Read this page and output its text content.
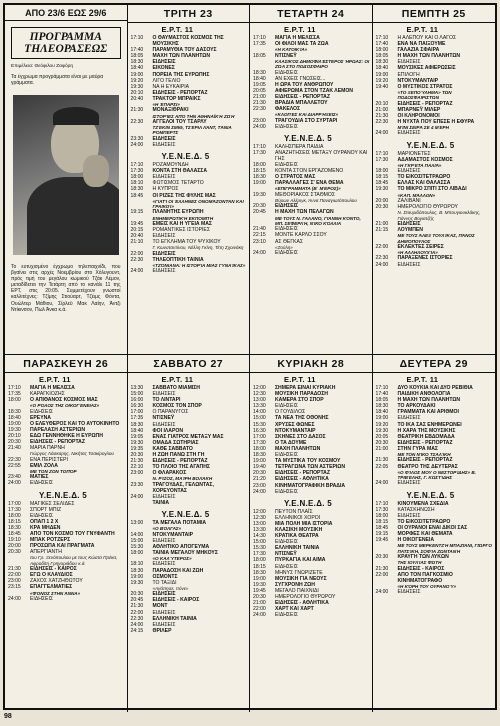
ΑΠΟ 23/6 ΕΩΣ 29/6
ΠΡΟΓΡΑΜΜΑ ΤΗΛΕΟΡΑΣΕΩΣ
Επιμέλεια: Θεόφιλου Ζαφόρη
Τα έγχρωμα προγράμματα είναι με μαύρα γράμματα.
Το ευτυχισμένο έγχρωμο τηλεπαιχνίδι, που βγαίνει στις αρχές Νοεμβρίου στο Χόλυγουντ, πρός τιμή του μεγάλου κωμικού Τζάκ Λέμον, μεταδίδεται την Τετάρτη από το κανάλι 11 της ΕΡΤ, στις 20:05. Συμμετέχουν γνωστοί καλλιτέχνες: Τζίμης Στιούαρτ, Τζέιμς Φόντα, Ουώλτερ Μάθιου, Σίρλεϋ Μακ Λαίην, Άντζι Ντίκινσον, Πωλ Άνκα κ.ά.
ΤΡΙΤΗ 23
Ε.Ρ.Τ. 11
17:10	Ο ΘΑΥΜΑΣΤΟΣ ΚΟΣΜΟΣ ΤΗΣ ΜΟΥΣΙΚΗΣ
17:40	ΠΑΡΑΜΥΘΙΑ ΤΟΥ ΔΑΣΟΥΣ
18:05	ΜΑΧΗ ΤΩΝ ΠΛΑΝΗΤΩΝ
18:30	ΕΙΔΗΣΕΙΣ
18:40	ΕΙΚΟΝΕΣ
19:00	ΠΟΡΕΙΑ ΤΗΣ ΕΥΡΩΠΗΣ
19:20	ΛΙΓΟ ΓΕΛΙΟ
19:30	ΝΑ Η ΕΥΚΑΙΡΙΑ
20:10	ΕΙΔΗΣΕΙΣ - ΡΕΠΟΡΤΑΖ
20:40	ΤΡΑΚΤΟΡ ΜΠΡΑΙΚΣ
«Η ΈΠΑΡΣΙ»
21:30	ΜΟΝΑΞΙΘΡΑΚΙ
ΙΣΤΟΡΊΕΣ ΑΠΌ ΤΗΝ ΑΘΗΝΑΪΚΉ ΖΩΉ
22:30	ΑΓΓΕΛΟΙ ΤΟΥ ΤΣΑΡΛΥ
ΤΖΈΚΙΝ ΣΜΙΘ, ΤΣΈΡΙΛ ΛΆΝΤ, ΤΆΝΙΑ ΡΌΜΠΕΡΤΣ
23:30	ΕΙΔΗΣΕΙΣ
24:00	ΕΙΔΗΣΕΙΣ
Υ.Ε.Ν.Ε.Δ. 5
17:10	ΡΟΖΑΜΟΥΝΔΗ
17:30	ΚΟΝΤΑ ΣΤΗ ΘΑΛΑΣΣΑ
18:00	ΕΙΔΗΣΕΙΣ
18:10	ΦΩΤΙΣΜΟΣ ΤΕΤΑΡΤΟ
18:30	Η ΚΥΠΡΟΣ
18:45	ΟΙ ΡΙΖΕΣ ΤΗΣ ΦΥΛΗΣ ΜΑΣ
«ΓΙΑΤΊ ΟΙ ΈΛΛΗΝΕΣ ΟΝΟΜΆΖΟΝΤΑΝ ΚΑΙ ΓΡΑΙΚΟΊ»
19:15	ΠΛΑΝΗΤΗΣ ΕΥΡΩΠΗ
ΕΝΗΜΕΡΩΤΙΚΉ ΕΚΠΟΜΠΉ
19:45	ΕΜΕΙΣ ΚΑΙ Η ΥΓΕΙΑ ΜΑΣ
20:15	ΡΟΜΑΝΤΙΚΕΣ ΙΣΤΟΡΙΕΣ
20:40	ΕΙΔΗΣΕΙΣ
21:10	ΤΟ ΕΓΚΛΗΜΑ ΤΟΥ ΨΥΧΙΚΟΥ
Γ. Κωνσταντίνου, Νέλλη Γκίνη, Τέτη Σχοινάκη
22:00	ΕΙΔΗΣΕΙΣ
22:30	ΤΗΛΕΟΠΤΙΚΗ ΤΑΙΝΙΑ
«ΤΖΌΝΙΑΝΑ: Η ΙΣΤΟΡΊΑ ΜΙΑΣ ΓΥΝΑΊΚΑΣ»
24:00	ΕΙΔΗΣΕΙΣ
ΤΕΤΑΡΤΗ 24
Ε.Ρ.Τ. 11
17:10	ΜΑΓΙΑ Η ΜΕΛΙΣΣΑ
17:35	ΟΙ ΦΙΛΟΙ ΜΑΣ ΤΑ ΖΩΑ
«Η ΚΑΤΟΙΚΊΑ»
18:05	ΝΤΙΣΝΕΫ
ΚΛΑΣΙΚΌΣ ΔΗΜΟΦΙΛΈΣΤΕΡΟΣ ΉΡΩΑΣ: ΟΙ ΖΏΑ ΣΤΟ ΠΟΔΌΣΦΑΙΡΟ
18:30	ΕΙΔΗΣΕΙΣ
18:40	ΑΝ ΕΧΕΙΣ ΓΝΩΣΕΙΣ...
19:05	Η ΩΡΑ ΤΟΥ ΑΝΘΡΩΠΟΥ
20:05	ΑΦΙΕΡΩΜΑ ΣΤΟΝ ΤΖΑΚ ΛΕΜΟΝ
21:00	ΕΙΔΗΣΕΙΣ - ΡΕΠΟΡΤΑΖ
21:30	ΒΡΑΔΙΑ ΜΠΑΛΛΕΤΟΥ
22:30	ΦΑΚΕΛΟΣ
«ΚΛΟΠΈΣ ΚΑΙ ΔΙΑΡΡΉΞΕΙΣ»
23:00	ΤΡΑΓΟΥΔΙΑ ΣΤΟ ΣΥΡΤΑΡΙ
24:00	ΕΙΔΗΣΕΙΣ
Υ.Ε.Ν.Ε.Δ. 5
17:10	ΚΑΛΗΣΠΕΡΑ ΠΑΙΔΙΑ
17:30	ΑΝΑΖΗΤΗΣΕΙΣ ΜΕΤΑΞΥ ΟΥΡΑΝΟΥ ΚΑΙ ΓΗΣ
18:00	ΕΙΔΗΣΕΙΣ
18:15	ΚΟΝΤΑ ΣΤΟΝ ΕΡΓΑΖΟΜΕΝΟ
18:30	Ο ΣΤΡΑΤΟΣ ΜΑΣ
19:00	ΠΑΡΑΛΛΑΓΕΣ Σ' ΕΝΑ ΘΕΜΑ
«ΕΠΙΓΡΆΜΜΑΤΑ (Β΄ ΜΈΡΟΣ)»
19:30	ΜΕΘΟΡΙΑΚΟΣ ΣΤΑΘΜΟΣ
Βύρων Αλέριγκ, Άννα Παναγιωτόπουλου
20:30	ΕΙΔΗΣΕΙΣ
20:45	Η ΜΑΧΗ ΤΩΝ ΠΕΛΑΓΩΝ
ΜΕ ΤΟΥΣ Ν. ΓΑΛΑΝΌ, ΓΙΆΝΝΗ ΚΌΝΤΟ, ΜΠ. ΣΕΦΕΡΛΉ, ΝΊΚΟ ΚΌΛΛΙΑ
21:40	ΕΙΔΗΣΕΙΣ
22:15	ΜΟΝΤΕ ΚΑΡΛΟ ΣΣΟΥ
23:10	ΑΣ ΘΕΓΚΑΣ
«Ζούλη»
24:00	ΕΙΔΗΣΕΙΣ
ΠΕΜΠΤΗ 25
Ε.Ρ.Τ. 11
17:10	Η ΑΛΕΠΟΥ ΚΑΙ Ο ΛΑΓΟΣ
17:40	ΕΝΑ ΝΑ ΠΑΙΞΟΥΜΕ
18:00	ΓΑΛΑΖΙΑ ΣΦΑΙΡΑ
18:05	Η ΜΑΧΗ ΤΩΝ ΠΛΑΝΗΤΩΝ
18:30	ΕΙΔΗΣΕΙΣ
18:40	ΜΟΥΣΙΚΕΣ ΑΦΙΕΡΩΣΕΙΣ
19:00	ΕΠΙΛΟΓΗ
19:20	ΝΤΟΚΥΜΑΝΤΑΙΡ
19:40	Ο ΜΥΣΤΙΚΟΣ ΣΤΡΑΤΟΣ
«ΤΟ ΞΕΠΟΎΛΗΜΑ» ΤΩΝ ΠΟΔΟΣΦΑΙΡΙΣΤΏΝ
20:10	ΕΙΔΗΣΕΙΣ - ΡΕΠΟΡΤΑΖ
21:00	ΜΠΑΡΝΕΫ ΜΙΛΕΡ
21:30	ΟΙ ΚΛΗΡΟΝΟΜΟΙ
22:30	Η ΝΥΧΤΑ ΠΟΥ ΕΠΕΣΕ Η ΕΦΥΡΑ
ΜΊΝΙ ΣΕΙΡΆ ΣΕ 4 ΜΈΡΗ
24:00	ΕΙΔΗΣΕΙΣ
Υ.Ε.Ν.Ε.Δ. 5
17:10	ΜΑΡΙΟΝΕΤΕΣ
17:30	ΑΔΑΜΑΣΤΟΣ ΚΟΣΜΟΣ
«Η ΓΚΡΈΤΑ ΠΑΛΙΆ»
18:00	ΕΙΔΗΣΕΙΣ
18:15	ΤΟ ΕΙΚΟΣΙΤΕΤΡΑΩΡΟ
18:45	ΕΛΛΑΣ ΚΑΙ ΘΑΛΑΣΣΑ
19:30	ΤΟ ΜΙΚΡΟ ΣΠΙΤΙ ΣΤΟ ΛΙΒΑΔΙ
«ΚΑΠ. ΜΆΛΛΟΝ»
20:00	ΖΑΛΙΒΑΝΙ
20:30	ΗΜΕΡΟΛΟΓΙΟ ΘΥΡΩΡΟΥ
Ν. Σταυριδόπουλος, Β. Μπουγιουκλάκης, Γιάννης Βογιατζής
21:00	ΕΙΔΗΣΕΙΣ
21:15	ΛΟΥΜΠΕΝ
ΜΕ ΤΟΥΣ ΆΛΕΞ ΤΟΥΛΊΚΑΣ, ΠΆΝΟΣ ΔΗΜΌΠΟΥΛΟΣ
22:00	ΕΚΛΕΚΤΕΣ ΣΕΙΡΕΣ
«Η ΑΛΛΗΛΟΥΧΊΑ»
22:30	ΠΑΡΑΞΕΝΕΣ ΙΣΤΟΡΙΕΣ
24:00	ΕΙΔΗΣΕΙΣ
ΠΑΡΑΣΚΕΥΗ 26
Ε.Ρ.Τ. 11
17:10	ΜΑΓΙΑ Η ΜΕΛΙΣΣΑ
17:35	ΚΑΡΑΓΚΙΟΖΗΣ
18:00	Ο ΑΠΙΘΑΝΟΣ ΚΟΣΜΟΣ ΜΑΣ
«Ο ΡΌΛΟΣ ΤΗΣ ΟΙΚΟΓΈΝΕΙΑΣ»
18:30	ΕΙΔΗΣΕΙΣ
18:40	ΕΡΕΥΝΑ
19:00	Ο ΕΛΕΥΘΕΡΟΣ ΚΑΙ ΤΟ ΑΥΤΟΚΙΝΗΤΟ
19:30	ΠΑΡΕΛΑΣΗ ΑΣΤΕΡΙΩΝ
20:10	ΕΔΩ ΓΕΝΝΗΘΗΚΕ Η ΕΥΡΩΠΗ
20:30	ΕΙΔΗΣΕΙΣ - ΡΕΠΟΡΤΑΖ
21:40	ΜΑΡΙΑ ΠΑΡΝΗ
Γιώργος Λάσκαρης, Νικήτας Τσακίρογλου
22:30	ΕΝΑ ΠΕΡΙΣΤΕΡΙ
22:55	ΕΜΙΛ ΖΟΛΑ
ΜΕ ΤΟΝ ΖΟΝ ΤΟΠΌΡ
23:40	ΜΑΤΙΕΣ
24:00	ΕΙΔΗΣΕΙΣ
Υ.Ε.Ν.Ε.Δ. 5
17:00	ΜΑΓΙΚΕΣ ΣΕΛΙΔΕΣ
17:30	ΣΠΟΡΤ ΜΠΙΖ
18:00	ΕΙΔΗΣΕΙΣ
18:15	ΟΠΑΠ 1 2 Χ
18:30	ΚΡΑ ΜΗΔΕΝ
18:45	ΑΠΟ ΤΟΝ ΚΟΣΜΟ ΤΟΥ ΓΝΥΦΑΝΤΗ
19:10	ΜΠΑΚ ΡΟΤΖΕΡΣ
20:00	ΠΡΟΣΩΠΑ ΚΑΙ ΠΡΑΓΜΑΤΑ
20:30	ΑΠΕΡΓΙΑΝΤΗ
του Γρ. Ξενόπουλου με τους Κώστα Πρέκα, Αφροδίτη Γρηγοριάδου κ.ά.
21:30	ΕΙΔΗΣΕΙΣ - ΚΑΙΡΟΣ
22:00	ΕΓΩ Ο ΚΛΑΥΔΙΟΣ
23:00	ΖΑΧΟΣ ΧΑΤΖΗΘΩΤΟΥ
23:15	ΕΠΑΓΓΕΛΜΑΤΙΕΣ
«ΦΌΝΟΣ ΣΤΗΝ ΆΝΝΑ»
24:00	ΕΙΔΗΣΕΙΣ
ΣΑΒΒΑΤΟ 27
Ε.Ρ.Τ. 11
13:30	ΣΑΒΒΑΤΟ ΜΙΑΜΙΣΗ
15:00	ΕΙΔΗΣΕΙΣ
16:00	ΤΟ ΛΙΝΤΑΡΙ
16:30	ΚΟΣΜΟΣ ΤΟΝ ΣΠΟΡ
17:00	Ο ΠΑΡΑΝΥΓΟΣ
17:35	ΝΤΙΣΝΕΫ
18:30	ΕΙΔΗΣΕΙΣ
18:40	ΦΟΙ ΙΛΑΡΟΝ
19:05	ΕΝΑΣ ΓΙΑΤΡΟΣ ΜΕΤΑΞΥ ΜΑΣ
19:30	ΟΜΑΔΑ ΣΩΤΗΡΙΑΣ
19:35	ΚΑΘΕ ΣΑΒΒΑΤΟ
20:30	Η ΖΩΗ ΠΑΝΩ ΣΤΗ ΓΗ
21:30	ΕΙΔΗΣΕΙΣ - ΡΕΠΟΡΤΑΖ
22:10	ΤΟ ΠΛΟΙΟ ΤΗΣ ΑΓΑΠΗΣ
23:00	Ο ΦΛΑΡΑΚΟΣ
Ν. ΡΊΖΟΣ, ΜΑΊΡΗ ΒΟΛΆΚΗ
23:30	ΤΡΑΓΟΥΔΑΣ, ΓΕΛΩΝΤΑΣ, ΧΟΡΕΥΟΝΤΑΣ
24:00	ΕΙΔΗΣΕΙΣ
ΤΑΙΝΙΑ
Υ.Ε.Ν.Ε.Δ. 5
13:00	ΤΑ ΜΕΓΑΛΑ ΠΟΤΑΜΙΑ
«Ο ΒΌΛΓΑΣ»
14:00	ΝΤΟΚΥΜΑΝΤΑΙΡ
15:00	ΕΙΔΗΣΕΙΣ
15:30	ΑΘΛΗΤΙΚΟ ΑΠΟΓΕΥΜΑ
18:00	ΤΑΙΝΙΑ ΜΕΓΑΛΟΥ ΜΗΚΟΥΣ
«Ο ΚΑΛΎΤΕΡΟΣ»
18:10	ΕΙΔΗΣΕΙΣ
18:30	ΠΑΡΑΔΟΣΗ ΚΑΙ ΖΩΗ
19:00	ΟΣΜΟΝΤΣ
19:30	ΤΟ ΤΑΞΙΔΙ
«Αγάπησε, πόνε»
20:30	ΕΙΔΗΣΕΙΣ
20:45	ΕΙΔΗΣΕΙΣ - ΚΑΙΡΟΣ
21:30	ΜΟΝΤ
22:00	ΕΙΔΗΣΕΙΣ
22:30	ΕΛΛΗΝΙΚΗ ΤΑΙΝΙΑ
24:00	ΕΙΔΗΣΕΙΣ
24:15	ΘΡΙΛΕΡ
ΚΥΡΙΑΚΗ 28
Ε.Ρ.Τ. 11
12:00	ΣΗΜΕΡΑ ΕΙΝΑΙ ΚΥΡΙΑΚΗ
12:30	ΜΟΥΣΙΚΗ ΠΑΡΑΔΟΣΗ
13:00	ΚΑΜΕΡΑ ΣΤΟ ΣΠΟΡ
13:30	ΕΙΔΗΣΕΙΣ
14:00	Ο ΓΟΥΔΙΛΟΣ
15:00	ΤΑ ΝΕΑ ΤΗΣ ΟΘΟΝΗΣ
15:30	ΧΡΥΣΕΣ ΦΩΝΕΣ
16:30	ΝΤΟΚΥΜΑΝΤΑΙΡ
17:00	ΣΚΗΝΕΣ ΣΤΟ ΔΑΣΟΣ
17:30	Ο ΤΑ ΔΟΥΜΕ
18:00	ΜΑΧΗ ΠΛΑΝΗΤΩΝ
18:30	ΕΙΔΗΣΕΙΣ
19:00	ΤΑ ΜΥΣΤΙΚΑ ΤΟΥ ΚΟΣΜΟΥ
19:40	ΤΕΤΡΑΓΩΝΑ ΤΩΝ ΑΣΤΕΡΙΩΝ
20:30	ΕΙΔΗΣΕΙΣ - ΡΕΠΟΡΤΑΖ
21:20	ΕΙΔΗΣΕΙΣ - ΑΘΛΗΤΙΚΑ
23:00	ΚΙΝΗΜΑΤΟΓΡΑΦΙΚΗ ΒΡΑΔΙΑ
24:00	ΕΙΔΗΣΕΙΣ
Υ.Ε.Ν.Ε.Δ. 5
12:00	ΠΕΥΤΟΝ ΠΛΑΪΣ
12:30	ΕΛΛΗΝΙΚΟΙ ΧΟΡΟΙ
13:00	ΜΙΑ ΠΟΛΗ ΜΙΑ ΙΣΤΟΡΙΑ
13:30	ΚΛΑΣΙΚΗ ΜΟΥΣΙΚΗ
14:30	ΚΡΑΤΙΚΑ ΘΕΑΤΡΑ
15:00	ΕΙΔΗΣΕΙΣ
15:30	ΕΛΛΗΝΙΚΗ ΤΑΙΝΙΑ
17:30	ΝΤΙΣΝΕΫ
18:00	ΠΥΡΚΑΓΙΑ ΚΑΙ ΑΙΜΑ
18:15	ΕΙΔΗΣΕΙΣ
18:30	ΜΗΝΥΣ ΓΝΩΡΙΖΕΤΕ
19:00	ΜΟΥΣΙΚΗ ΓΙΑ ΝΕΟΥΣ
19:30	ΣΥΓΧΡΟΝΗ ΖΩΗ
19:45	ΜΕΓΑΛΟ ΠΑΙΧΝΙΔΙ
20:30	ΗΜΕΡΟΛΟΓΙΟ ΘΥΡΩΡΟΥ
21:00	ΕΙΔΗΣΕΙΣ - ΑΘΛΗΤΙΚΑ
22:00	ΧΑΡΤ ΚΑΙ ΧΑΡΤ
24:00	ΕΙΔΗΣΕΙΣ
ΔΕΥΤΕΡΑ 29
Ε.Ρ.Τ. 11
17:10	ΔΥΟ ΚΟΥΚΙΑ ΚΑΙ ΔΥΟ ΡΕΒΙΘΙΑ
17:40	ΠΑΙΔΙΚΗ ΑΝΘΟΛΟΓΙΑ
18:05	Η ΜΑΧΗ ΤΩΝ ΠΛΑΝΗΤΩΝ
18:30	ΤΟ ΑΡΚΟΥΔΑΚΙ
18:40	ΓΡΑΜΜΑΤΑ ΚΑΙ ΑΡΙΘΜΟΙ
19:00	ΕΙΔΗΣΕΙΣ
19:20	ΤΟ ΙΚΑ ΣΑΣ ΕΝΗΜΕΡΩΝΕΙ
19:30	Η ΧΑΡΑ ΤΗΣ ΜΟΥΣΙΚΗΣ
20:05	ΘΕΑΤΡΙΚΗ ΕΒΔΟΜΑΔΑ
20:30	ΕΙΔΗΣΕΙΣ - ΡΕΠΟΡΤΑΖ
21:00	ΣΤΗΝ ΓΥΡΑ ΜΑΣ
ΜΕ ΤΟΝ ΝΊΚΟ ΤΣΑΛΊΚΗ
21:30	ΕΙΔΗΣΕΙΣ - ΡΕΠΟΡΤΑΖ
22:05	ΘΕΑΤΡΟ ΤΗΣ ΔΕΥΤΕΡΑΣ
«Ο ΦΊΛΟΣ ΜΟΥ Ο ΝΕΣΤΟΡΊΔΗΣ» Β. ΤΡΙΒΈΛΗΣ, Γ. ΚΩΣΤΊΔΗΣ
24:00	ΕΙΔΗΣΕΙΣ
Υ.Ε.Ν.Ε.Δ. 5
17:10	ΚΙΝΟΥΜΕΝΑ ΣΧΕΔΙΑ
17:30	ΚΑΤΑΣΚΗΝΩΣΗ
18:00	ΕΙΔΗΣΕΙΣ
18:15	ΤΟ ΕΙΚΟΣΙΤΕΤΡΑΩΡΟ
18:45	ΟΙ ΟΥΡΑΝΟΙ ΕΝΑΙ ΔΙΚΟΙ ΣΑΣ
19:15	ΜΟΡΦΕΣ ΚΑΙ ΘΕΜΑΤΑ
19:45	Η ΟΙΚΟΓΕΝΕΙΑ
ΜΕ ΤΟΥΣ ΜΕΡΚΕΝΤΖΉ ΜΠΑΖΙΆΝΙ, ΓΙΏΡΓΟ ΠΑΤΣΊΚΗ, ΣΟΦΊΑ ΖΩΝΤΑΝΉ
20:30	ΚΡΑΥΓΗ ΤΩΝ ΛΥΚΩΝ
ΤΗΣ ΙΟΥΛΊΑΣ ΦΏΤΗ
21:30	ΕΙΔΗΣΕΙΣ - ΚΑΙΡΟΣ
22:00	ΑΠΟ ΤΟΝ ΠΑΓΚΟΣΜΙΟ ΚΙΝΗΜΑΤΟΓΡΑΦΟ
«Η ΚΌΡΗ ΤΟΥ ΟΥΡΑΝΟΎ»
24:00	ΕΙΔΗΣΕΙΣ
98
